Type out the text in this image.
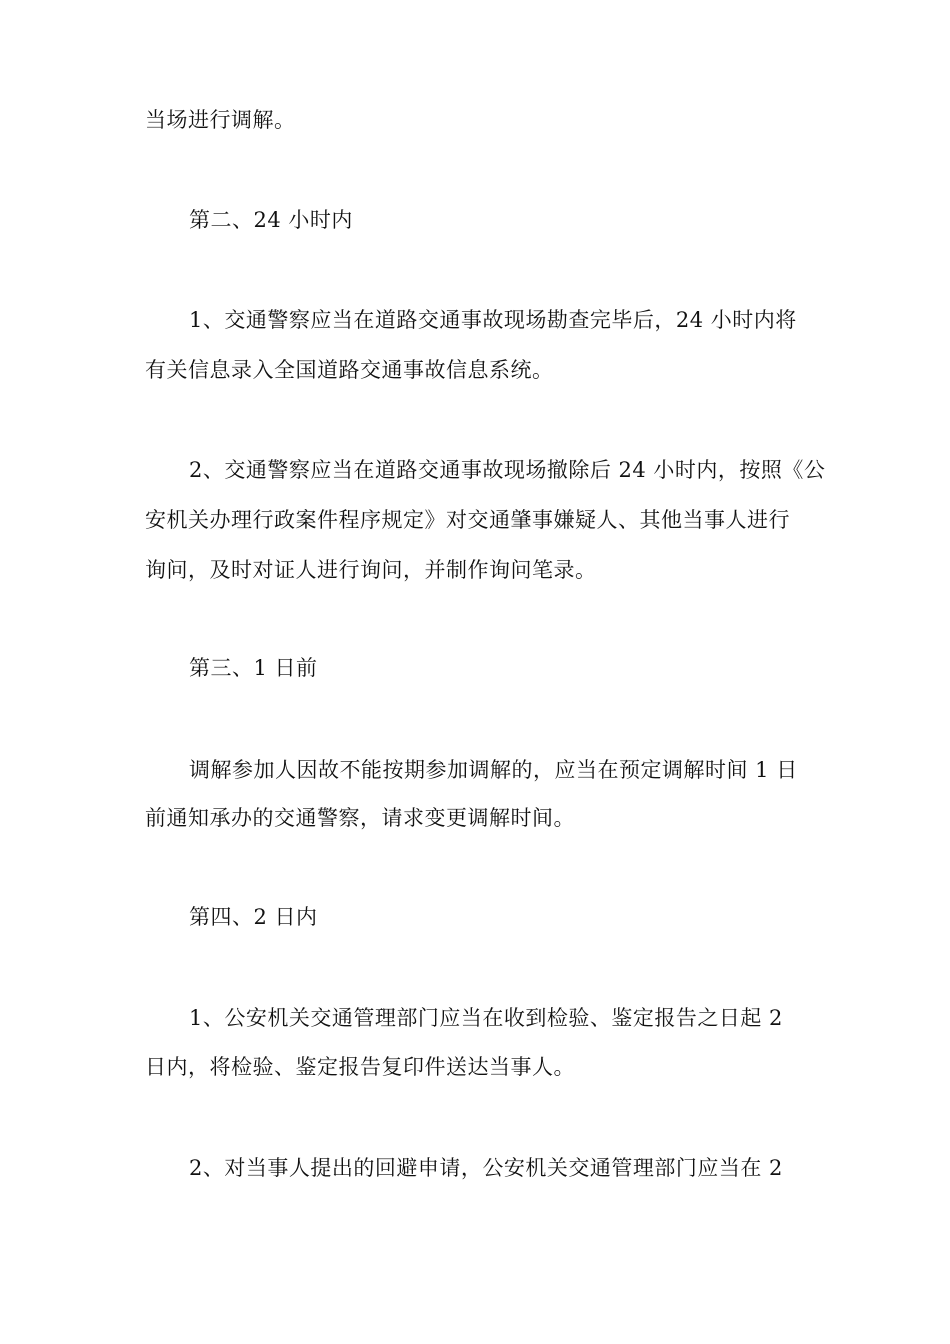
当场进行调解。
第二、24 小时内
1、交通警察应当在道路交通事故现场勘查完毕后，24 小时内将
有关信息录入全国道路交通事故信息系统。
2、交通警察应当在道路交通事故现场撤除后 24 小时内，按照《公
安机关办理行政案件程序规定》对交通肇事嫌疑人、其他当事人进行
询问，及时对证人进行询问，并制作询问笔录。
第三、1 日前
调解参加人因故不能按期参加调解的，应当在预定调解时间 1 日
前通知承办的交通警察，请求变更调解时间。
第四、2 日内
1、公安机关交通管理部门应当在收到检验、鉴定报告之日起 2
日内，将检验、鉴定报告复印件送达当事人。
2、对当事人提出的回避申请，公安机关交通管理部门应当在 2
